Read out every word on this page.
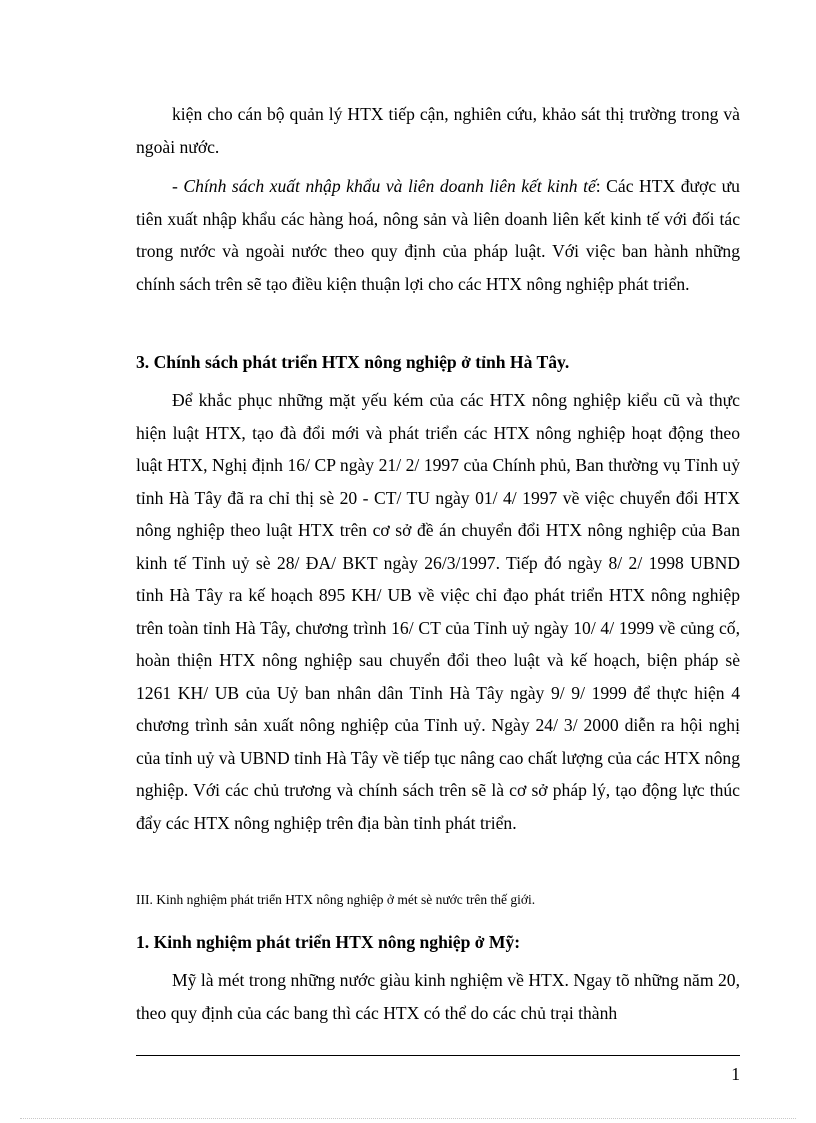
kiện cho cán bộ quản lý HTX tiếp cận, nghiên cứu, khảo sát thị trường trong và ngoài nước.

- Chính sách xuất nhập khẩu và liên doanh liên kết kinh tế: Các HTX được ưu tiên xuất nhập khẩu các hàng hoá, nông sản và liên doanh liên kết kinh tế với đối tác trong nước và ngoài nước theo quy định của pháp luật. Với việc ban hành những chính sách trên sẽ tạo điều kiện thuận lợi cho các HTX nông nghiệp phát triển.

3. Chính sách phát triển HTX nông nghiệp ở tỉnh Hà Tây.

Để khắc phục những mặt yếu kém của các HTX nông nghiệp kiểu cũ và thực hiện luật HTX, tạo đà đổi mới và phát triển các HTX nông nghiệp hoạt động theo luật HTX, Nghị định 16/ CP ngày 21/ 2/ 1997 của Chính phủ, Ban thường vụ Tỉnh uỷ tỉnh Hà Tây đã ra chỉ thị sè 20 - CT/ TU ngày 01/ 4/ 1997 về việc chuyển đổi HTX nông nghiệp theo luật HTX trên cơ sở đề án chuyển đổi HTX nông nghiệp của Ban kinh tế Tỉnh uỷ sè 28/ ĐA/ BKT ngày 26/3/1997. Tiếp đó ngày 8/ 2/ 1998 UBND tỉnh Hà Tây ra kế hoạch 895 KH/ UB về việc chỉ đạo phát triển HTX nông nghiệp trên toàn tỉnh Hà Tây, chương trình 16/ CT của Tỉnh uỷ ngày 10/ 4/ 1999 về củng cố, hoàn thiện HTX nông nghiệp sau chuyển đổi theo luật và kế hoạch, biện pháp sè 1261 KH/ UB của Uỷ ban nhân dân Tỉnh Hà Tây ngày 9/ 9/ 1999 để thực hiện 4 chương trình sản xuất nông nghiệp của Tỉnh uỷ. Ngày 24/ 3/ 2000 diễn ra hội nghị của tỉnh uỷ và UBND tỉnh Hà Tây về tiếp tục nâng cao chất lượng của các HTX nông nghiệp. Với các chủ trương và chính sách trên sẽ là cơ sở pháp lý, tạo động lực thúc đẩy các HTX nông nghiệp trên địa bàn tỉnh phát triển.

III. Kinh nghiệm phát triển HTX nông nghiệp ở mét sè nước trên thế giới.

1. Kinh nghiệm phát triển HTX nông nghiệp ở Mỹ:

Mỹ là mét trong những nước giàu kinh nghiệm về HTX. Ngay tõ những năm 20, theo quy định của các bang thì các HTX có thể do các chủ trại thành

1
